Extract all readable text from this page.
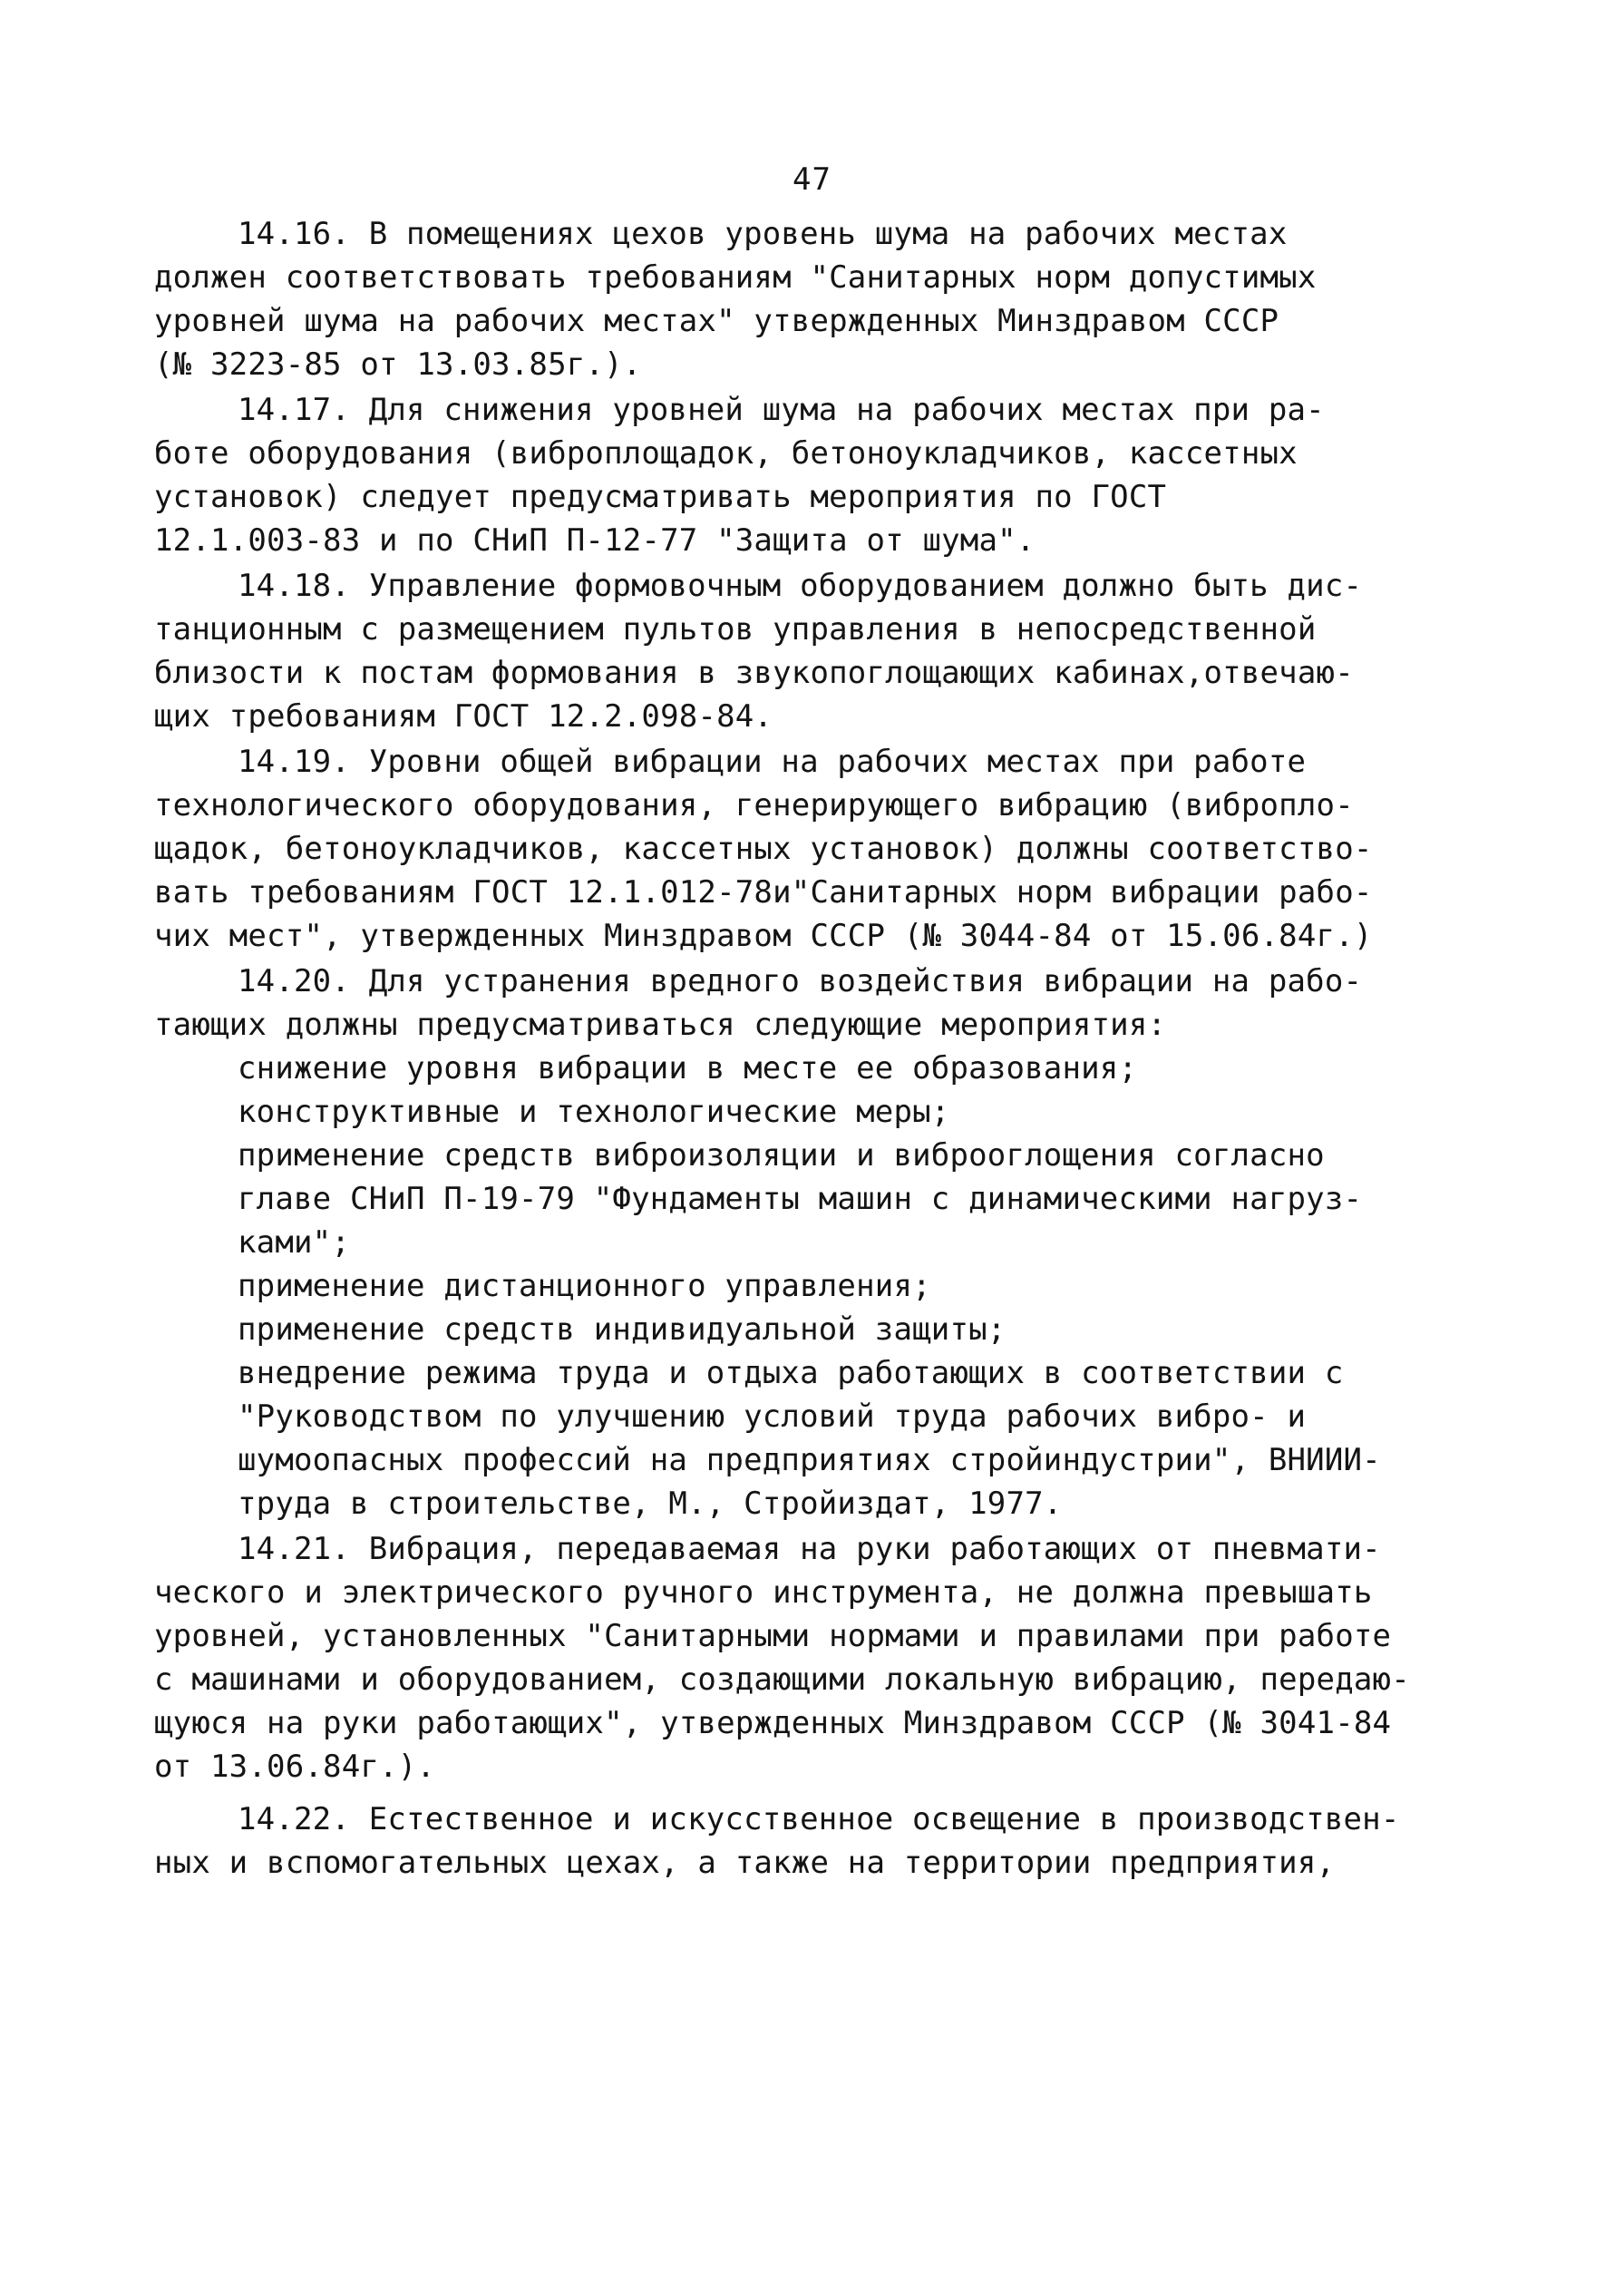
47
14.16. В помещениях цехов уровень шума на рабочих местах
должен соответствовать требованиям "Санитарных норм допустимых
уровней шума на рабочих местах" утвержденных Минздравом СССР
(№ 3223-85 от 13.03.85г.).
14.17. Для снижения уровней шума на рабочих местах при ра-
боте оборудования (виброплощадок, бетоноукладчиков, кассетных
установок) следует предусматривать мероприятия по ГОСТ
12.1.003-83 и по СНиП П-12-77 "Защита от шума".
14.18. Управление формовочным оборудованием должно быть дис-
танционным с размещением пультов управления в непосредственной
близости к постам формования в звукопоглощающих кабинах,отвечаю-
щих требованиям ГОСТ 12.2.098-84.
14.19. Уровни общей вибрации на рабочих местах при работе
технологического оборудования, генерирующего вибрацию (вибропло-
щадок, бетоноукладчиков, кассетных установок) должны соответство-
вать требованиям ГОСТ 12.1.012-78и"Санитарных норм вибрации рабо-
чих мест", утвержденных Минздравом СССР (№ 3044-84 от 15.06.84г.)
14.20. Для устранения вредного воздействия вибрации на рабо-
тающих должны предусматриваться следующие мероприятия:
снижение уровня вибрации в месте ее образования;
конструктивные и технологические меры;
применение средств виброизоляции и виброоглощения согласно
главе СНиП П-19-79 "Фундаменты машин с динамическими нагруз-
ками";
применение дистанционного управления;
применение средств индивидуальной защиты;
внедрение режима труда и отдыха работающих в соответствии с
"Руководством по улучшению условий труда рабочих вибро- и
шумоопасных профессий на предприятиях стройиндустрии", ВНИИИ-
труда в строительстве, М., Стройиздат, 1977.
14.21. Вибрация, передаваемая на руки работающих от пневмати-
ческого и электрического ручного инструмента, не должна превышать
уровней, установленных "Санитарными нормами и правилами при работе
с машинами и оборудованием, создающими локальную вибрацию, передаю-
щуюся на руки работающих", утвержденных Минздравом СССР (№ 3041-84
от 13.06.84г.).
14.22. Естественное и искусственное освещение в производствен-
ных и вспомогательных цехах, а также на территории предприятия,
